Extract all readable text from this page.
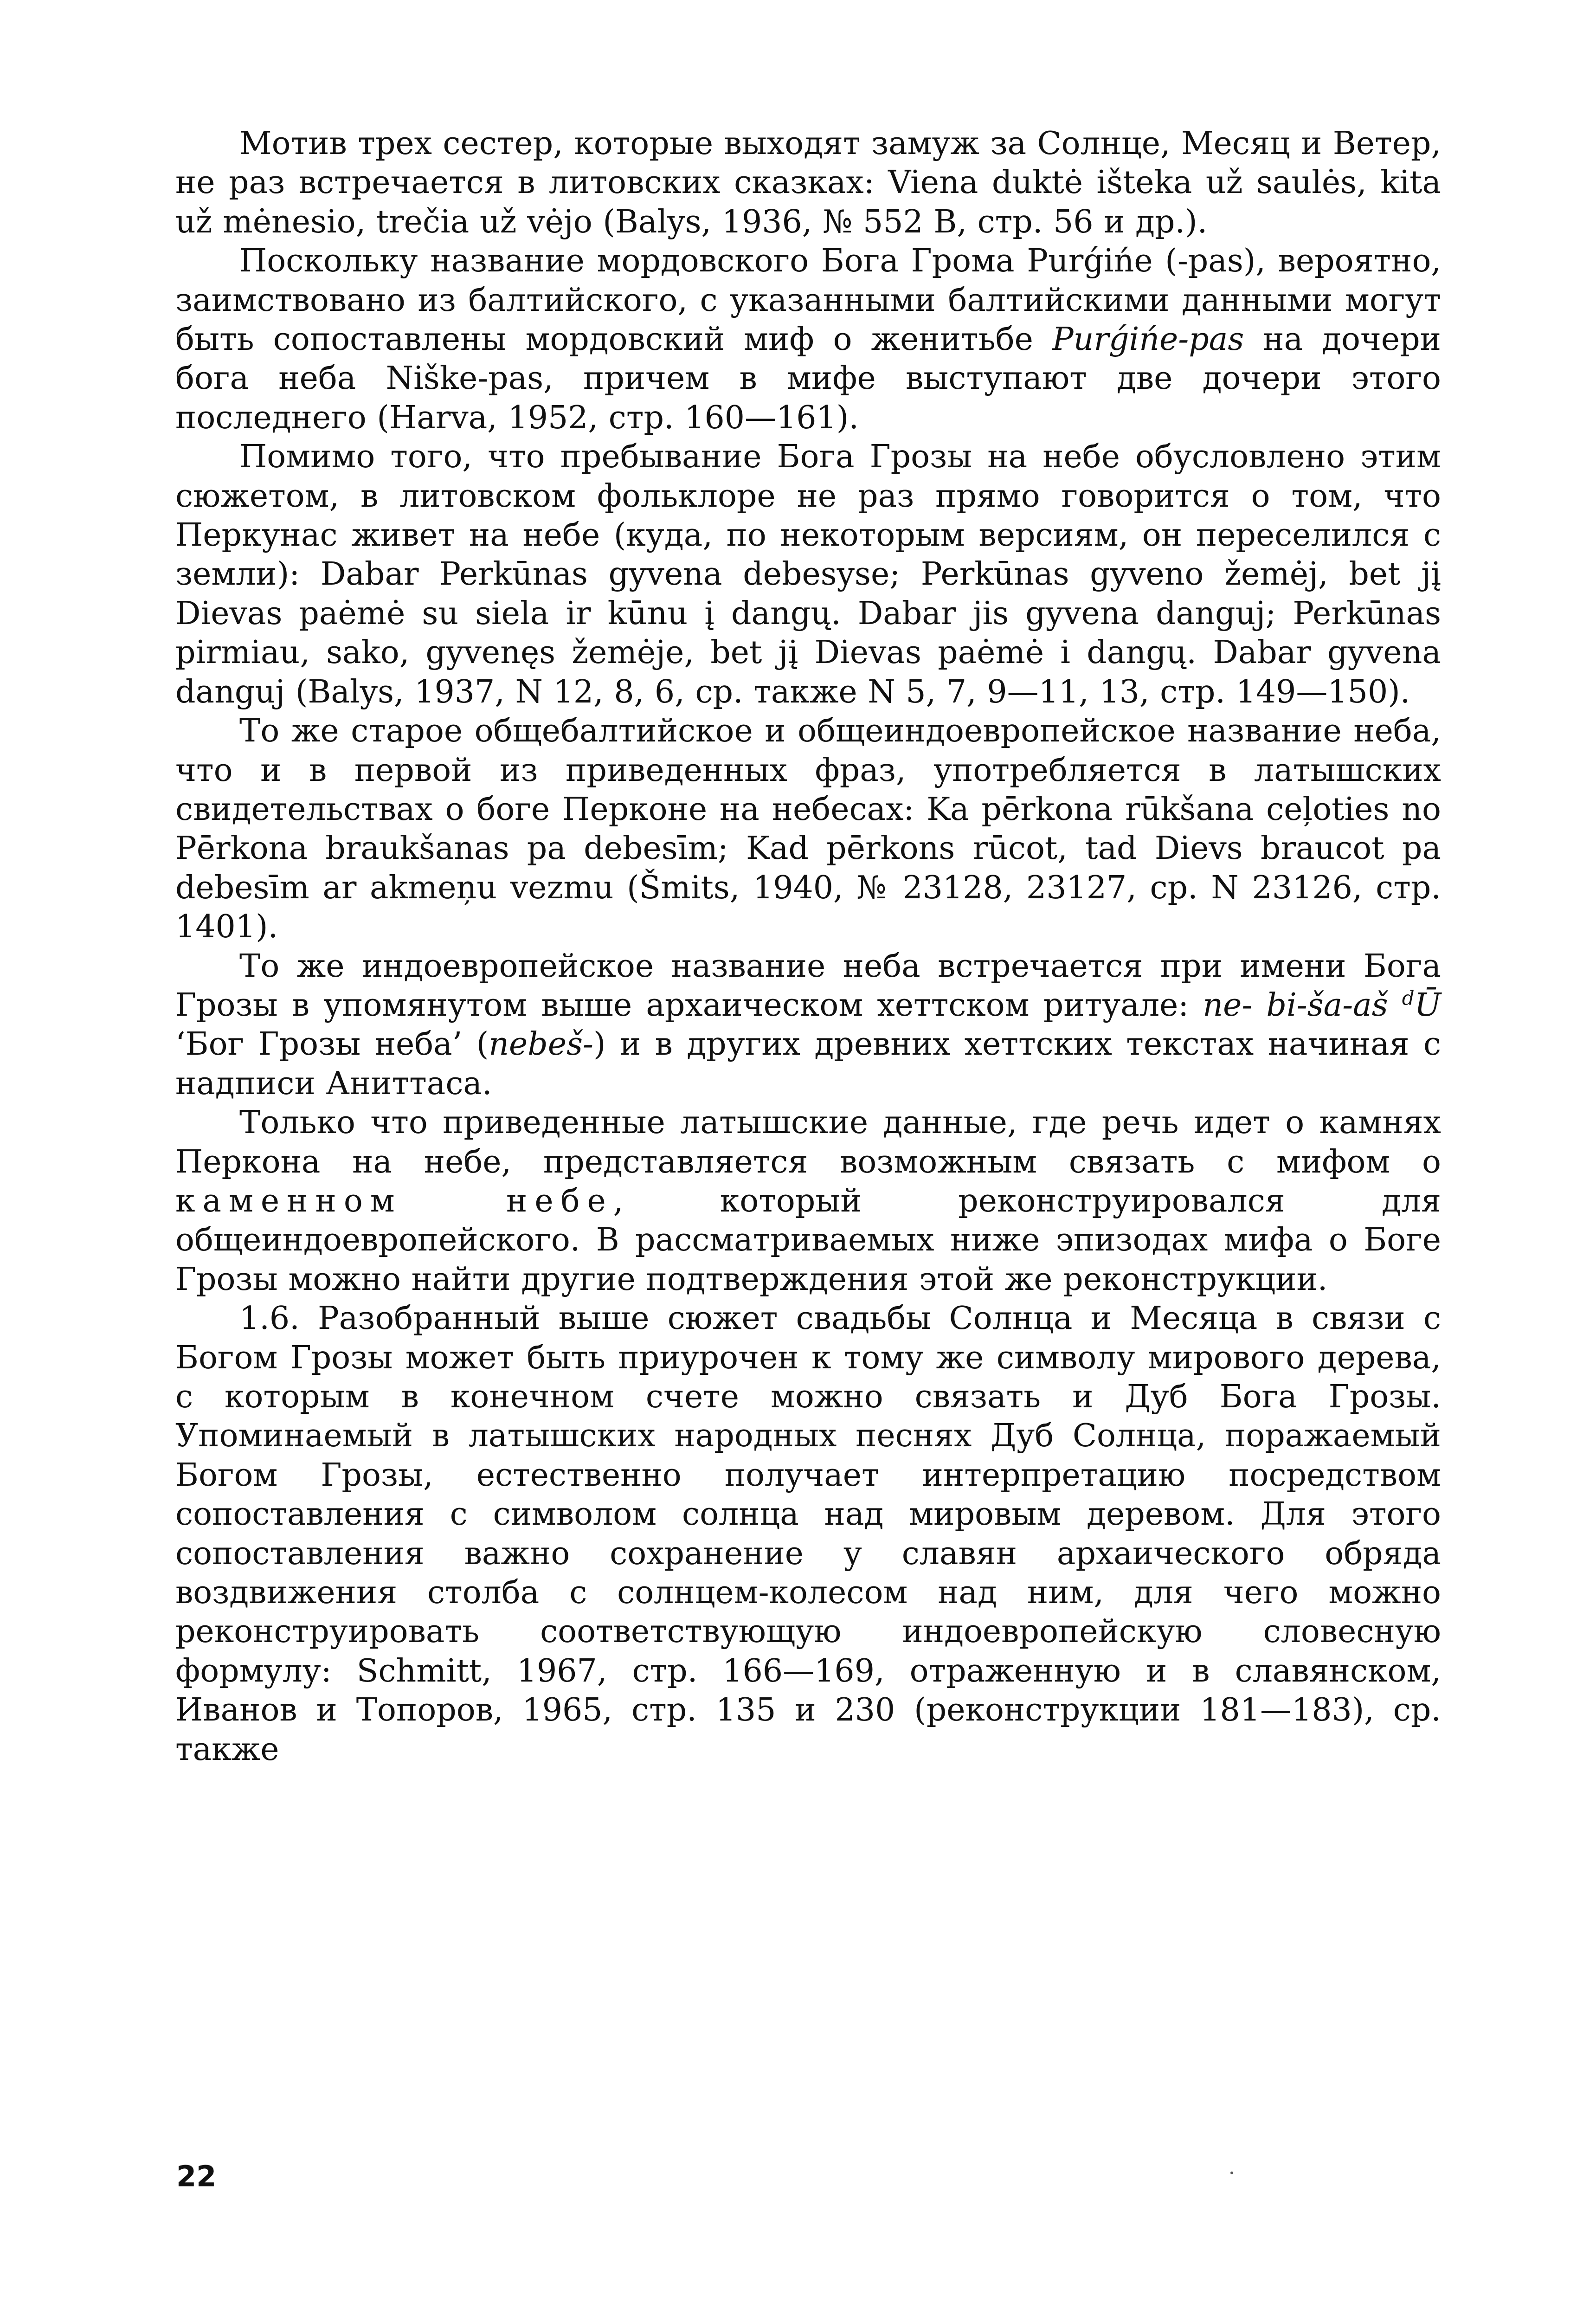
Мотив трех сестер, которые выходят замуж за Солнце, Месяц и Ветер, не раз встречается в литовских сказках: Viena duktė išteka už saulės, kita už mėnesio, trečia už vėjo (Balys, 1936, № 552 B, стр. 56 и др.).

Поскольку название мордовского Бога Грома Purǵińe (-pas), вероятно, заимствовано из балтийского, с указанными балтийскими данными могут быть сопоставлены мордовский миф о женитьбе Purǵińe-pas на дочери бога неба Niške-pas, причем в мифе выступают две дочери этого последнего (Harva, 1952, стр. 160—161).

Помимо того, что пребывание Бога Грозы на небе обусловлено этим сюжетом, в литовском фольклоре не раз прямо говорится о том, что Перкунас живет на небе (куда, по некоторым версиям, он переселился с земли): Dabar Perkūnas gyvena debesyse; Perkūnas gyveno žemėj, bet jį Dievas paėmė su siela ir kūnu į dangų. Dabar jis gyvena danguj; Perkūnas pirmiau, sako, gyvenęs žemėje, bet jį Dievas paėmė i dangų. Dabar gyvena danguj (Balys, 1937, N 12, 8, 6, ср. также N 5, 7, 9—11, 13, стр. 149—150).

То же старое общебалтийское и общеиндоевропейское название неба, что и в первой из приведенных фраз, употребляется в латышских свидетельствах о боге Перконе на небесах: Ka pērkona rūkšana ceļoties no Pērkona braukšanas pa debesīm; Kad pērkons rūcot, tad Dievs braucot pa debesīm ar akmeņu vezmu (Šmits, 1940, № 23128, 23127, ср. N 23126, стр. 1401).

То же индоевропейское название неба встречается при имени Бога Грозы в упомянутом выше архаическом хеттском ритуале: ne- bi-ša-aš $^d$Ū ‘Бог Грозы неба’ (nebeš-) и в других древних хеттских текстах начиная с надписи Аниттаса.

Только что приведенные латышские данные, где речь идет о камнях Перкона на небе, представляется возможным связать с мифом о каменном небе, который реконструировался для общеиндоевропейского. В рассматриваемых ниже эпизодах мифа о Боге Грозы можно найти другие подтверждения этой же реконструкции.

1.6. Разобранный выше сюжет свадьбы Солнца и Месяца в связи с Богом Грозы может быть приурочен к тому же символу мирового дерева, с которым в конечном счете можно связать и Дуб Бога Грозы. Упоминаемый в латышских народных песнях Дуб Солнца, поражаемый Богом Грозы, естественно получает интерпретацию посредством сопоставления с символом солнца над мировым деревом. Для этого сопоставления важно сохранение у славян архаического обряда воздвижения столба с солнцем-колесом над ним, для чего можно реконструировать соответствующую индоевропейскую словесную формулу: Schmitt, 1967, стр. 166—169, отраженную и в славянском, Иванов и Топоров, 1965, стр. 135 и 230 (реконструкции 181—183), ср. также

22
